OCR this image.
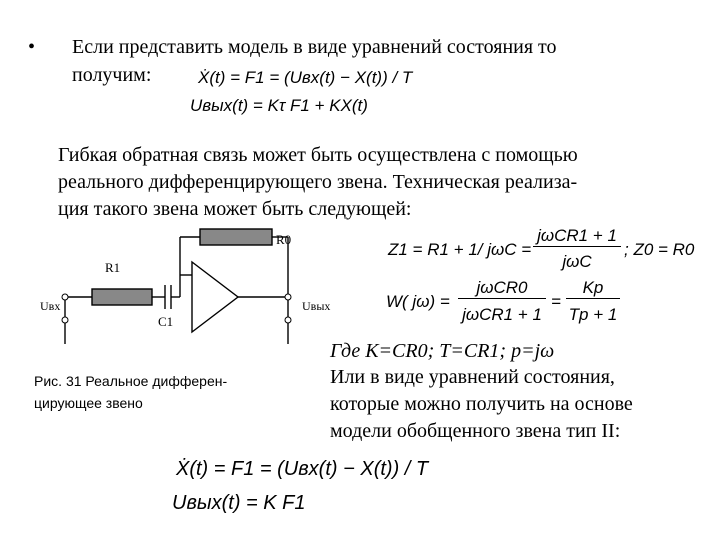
• Если представить модель в виде уравнений состояния то
получим:	Ẋ(t) = F1 = (Uвх(t) − X(t)) / T
Uвых(t) = Kτ F1 + KX(t)
Гибкая обратная связь может быть осуществлена с помощью
реального дифференцирующего звена. Техническая реализа-
ция такого звена может быть следующей:
R0
R1
C1
Uвх	Uвых
Z1 = R1 + 1/ jωC =
jωCR1 + 1
jωC
; Z0 = R0
W( jω) =
jωCR0
jωCR1 + 1
=
Kp
Tp + 1
Рис. 31 Реальное дифферен-
цирующее звено
Где К=CR0; T=CR1; p=jω
Или в виде уравнений состояния,
которые можно получить на основе
модели обобщенного звена тип II:
Ẋ(t) = F1 = (Uвх(t) − X(t)) / T
Uвых(t) = K F1
